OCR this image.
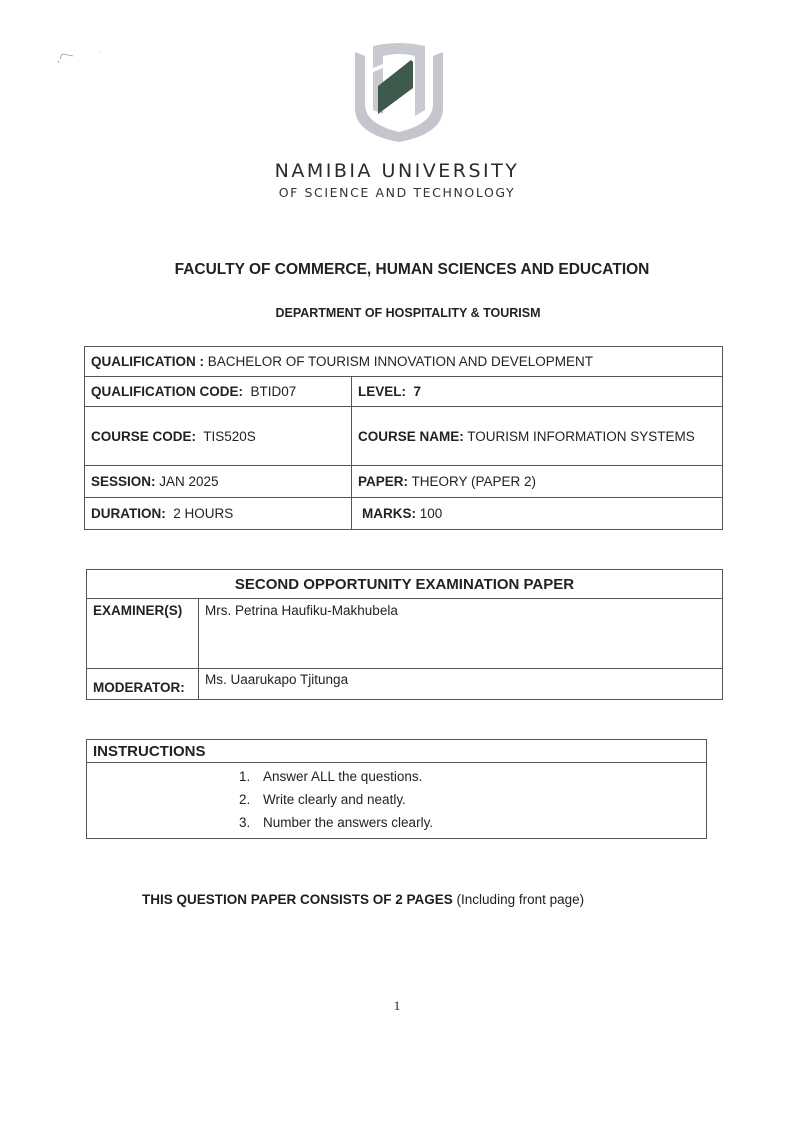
NAMIBIA UNIVERSITY
OF SCIENCE AND TECHNOLOGY
FACULTY OF COMMERCE, HUMAN SCIENCES AND EDUCATION
DEPARTMENT OF HOSPITALITY & TOURISM
QUALIFICATION : BACHELOR OF TOURISM INNOVATION AND DEVELOPMENT	
QUALIFICATION CODE:  BTID07	LEVEL:  7
COURSE CODE:  TIS520S	COURSE NAME: TOURISM INFORMATION SYSTEMS
SESSION: JAN 2025	PAPER: THEORY (PAPER 2)
DURATION:  2 HOURS	MARKS: 100
SECOND OPPORTUNITY EXAMINATION PAPER	
EXAMINER(S)	Mrs. Petrina Haufiku-Makhubela
MODERATOR:	Ms. Uaarukapo Tjitunga
INSTRUCTIONS

1. Answer ALL the questions.
2. Write clearly and neatly.
3. Number the answers clearly.
THIS QUESTION PAPER CONSISTS OF 2 PAGES (Including front page)
1
